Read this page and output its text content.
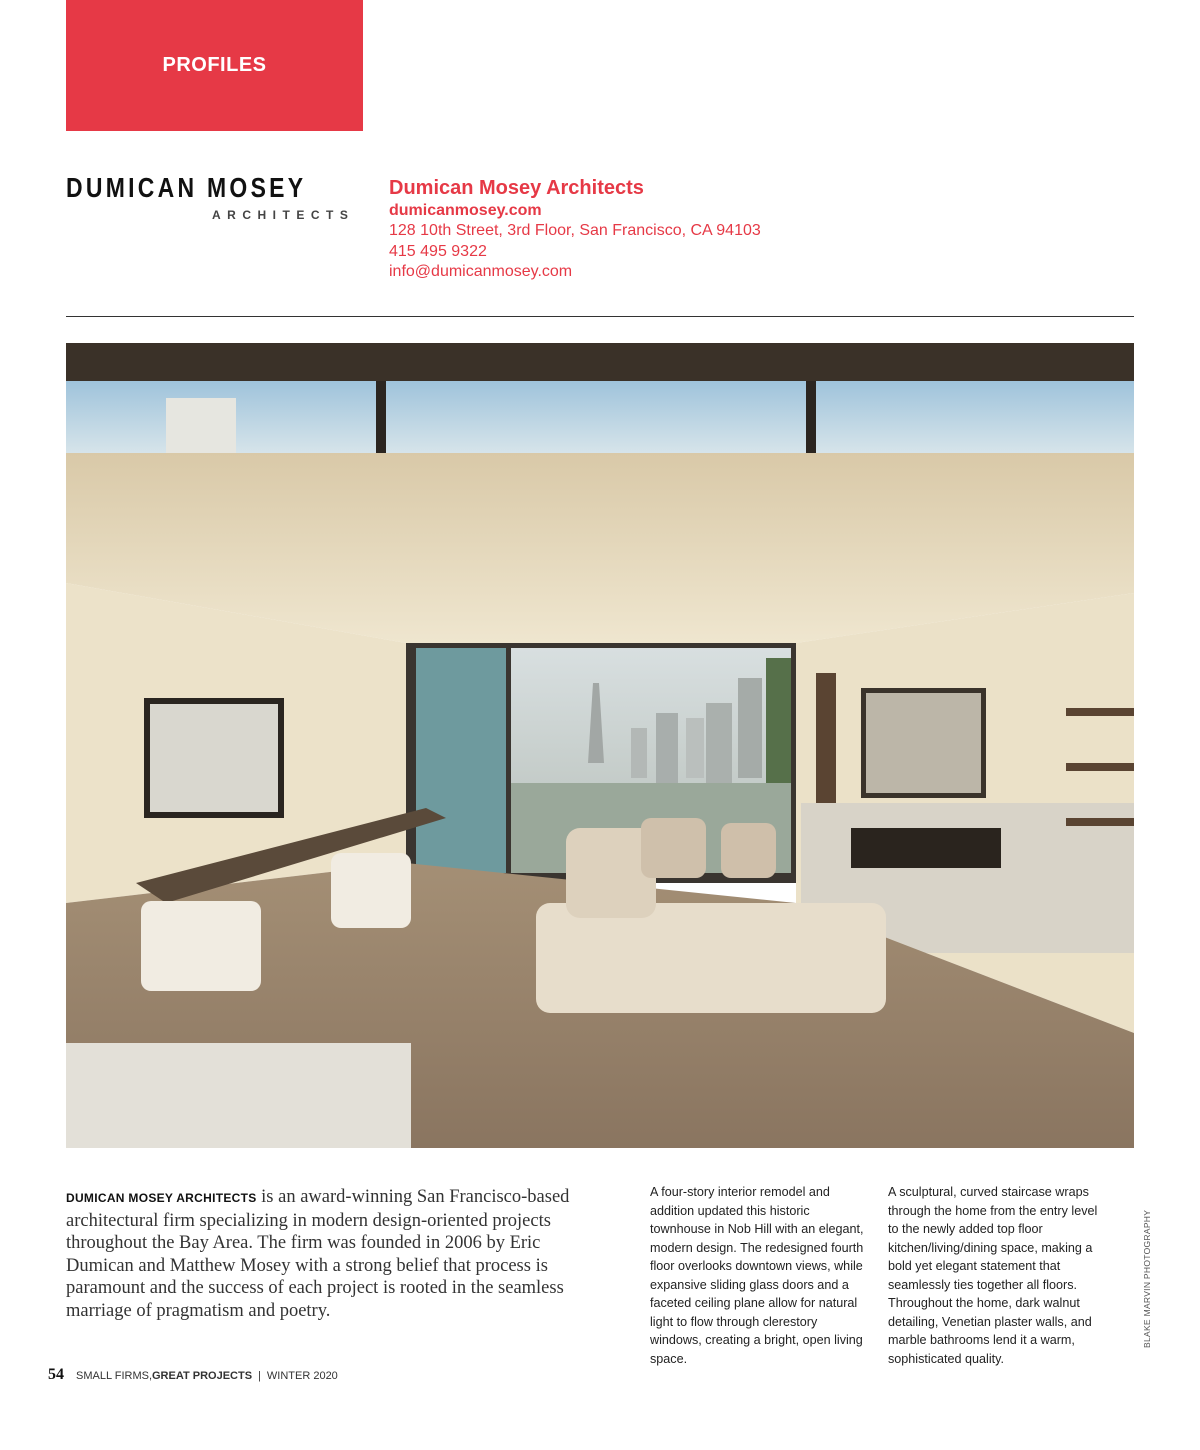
PROFILES
DUMICAN MOSEY
ARCHITECTS
Dumican Mosey Architects
dumicanmosey.com
128 10th Street, 3rd Floor, San Francisco, CA 94103
415 495 9322
info@dumicanmosey.com
DUMICAN MOSEY ARCHITECTS is an award-winning San Francisco-based architectural firm specializing in modern design-oriented projects throughout the Bay Area. The firm was founded in 2006 by Eric Dumican and Matthew Mosey with a strong belief that process is paramount and the success of each project is rooted in the seamless marriage of pragmatism and poetry.
A four-story interior remodel and addition updated this historic townhouse in Nob Hill with an elegant, modern design. The redesigned fourth floor overlooks downtown views, while expansive sliding glass doors and a faceted ceiling plane allow for natural light to flow through clerestory windows, creating a bright, open living space.
A sculptural, curved staircase wraps through the home from the entry level to the newly added top floor kitchen/living/dining space, making a bold yet elegant statement that seamlessly ties together all floors. Throughout the home, dark walnut detailing, Venetian plaster walls, and marble bathrooms lend it a warm, sophisticated quality.
BLAKE MARVIN PHOTOGRAPHY
54 SMALL FIRMS, GREAT PROJECTS | WINTER 2020
